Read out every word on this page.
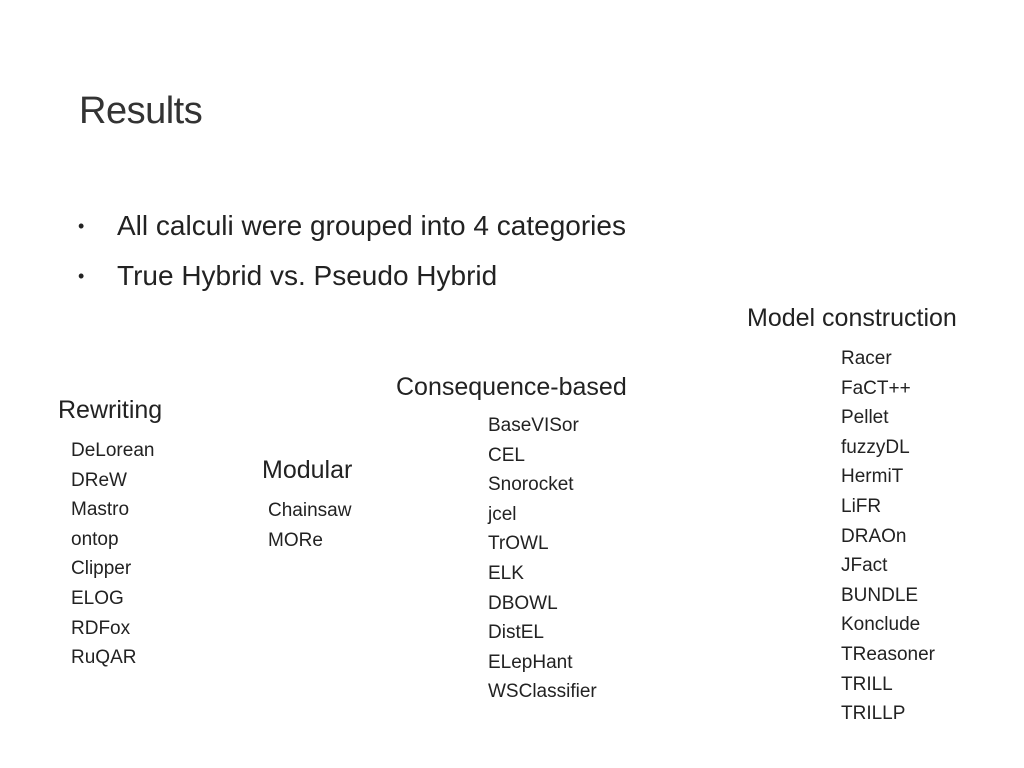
Results
• All calculi were grouped into 4 categories
• True Hybrid vs. Pseudo Hybrid
Rewriting
DeLorean
DReW
Mastro
ontop
Clipper
ELOG
RDFox
RuQAR
Modular
Chainsaw
MORe
Consequence-based
BaseVISor
CEL
Snorocket
jcel
TrOWL
ELK
DBOWL
DistEL
ELepHant
WSClassifier
Model construction
Racer
FaCT++
Pellet
fuzzyDL
HermiT
LiFR
DRAOn
JFact
BUNDLE
Konclude
TReasoner
TRILL
TRILLP
